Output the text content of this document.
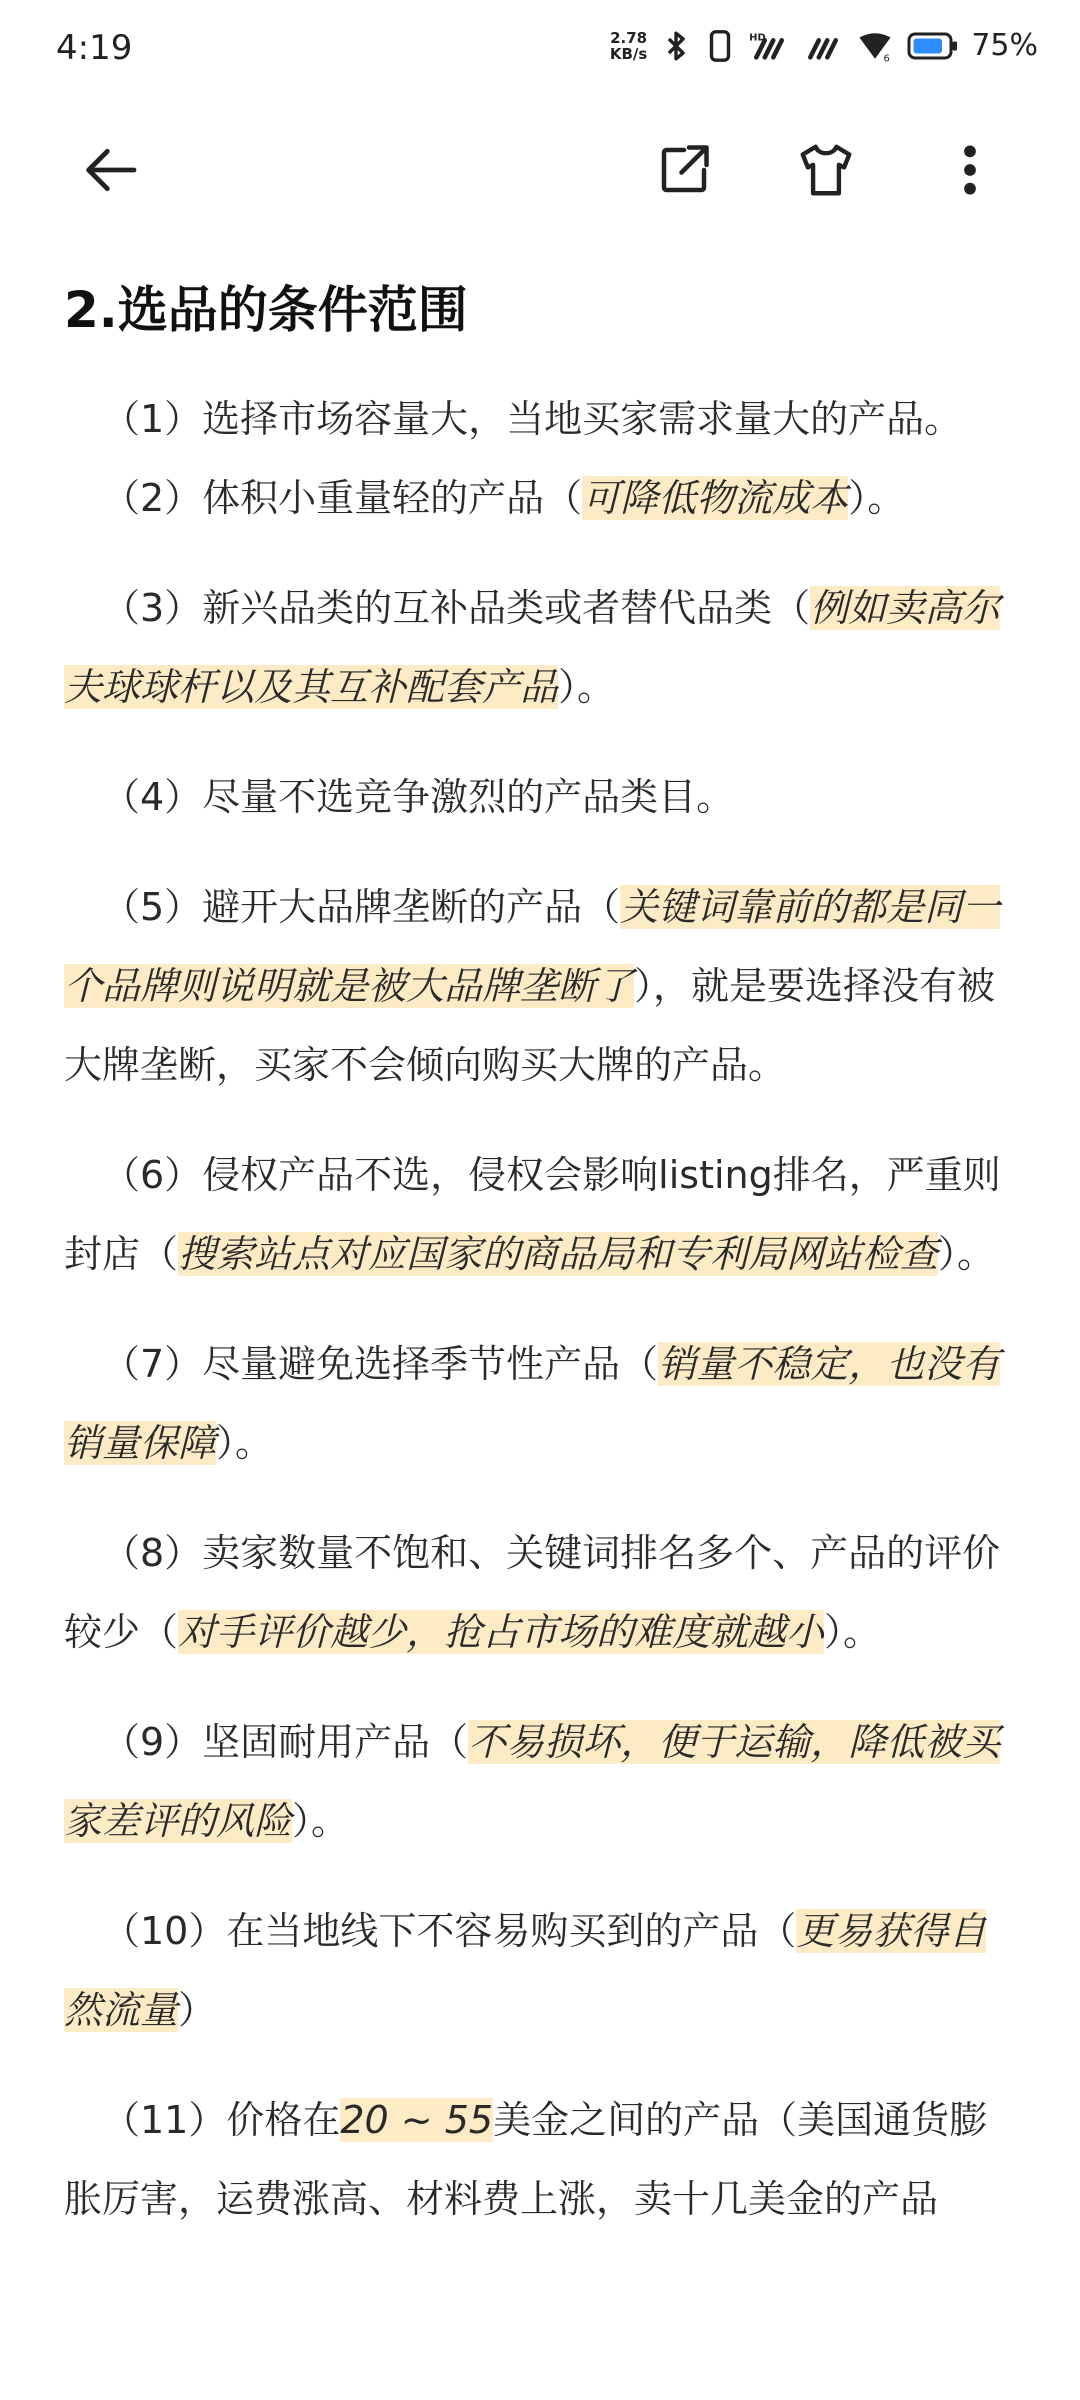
4:19	2.78
KB/s
HD
6	75%
2.选品的条件范围

（1）选择市场容量大，当地买家需求量大的产品。

（2）体积小重量轻的产品（可降低物流成本）。

（3）新兴品类的互补品类或者替代品类（例如卖高尔夫球球杆以及其互补配套产品）。

（4）尽量不选竞争激烈的产品类目。

（5）避开大品牌垄断的产品（关键词靠前的都是同一个品牌则说明就是被大品牌垄断了），就是要选择没有被大牌垄断，买家不会倾向购买大牌的产品。

（6）侵权产品不选，侵权会影响listing排名，严重则封店（搜索站点对应国家的商品局和专利局网站检查）。

（7）尽量避免选择季节性产品（销量不稳定，也没有销量保障）。

（8）卖家数量不饱和、关键词排名多个、产品的评价较少（对手评价越少，抢占市场的难度就越小）。

（9）坚固耐用产品（不易损坏，便于运输，降低被买家差评的风险）。

（10）在当地线下不容易购买到的产品（更易获得自然流量）

（11）价格在20 ~ 55美金之间的产品（美国通货膨胀厉害，运费涨高、材料费上涨，卖十几美金的产品
